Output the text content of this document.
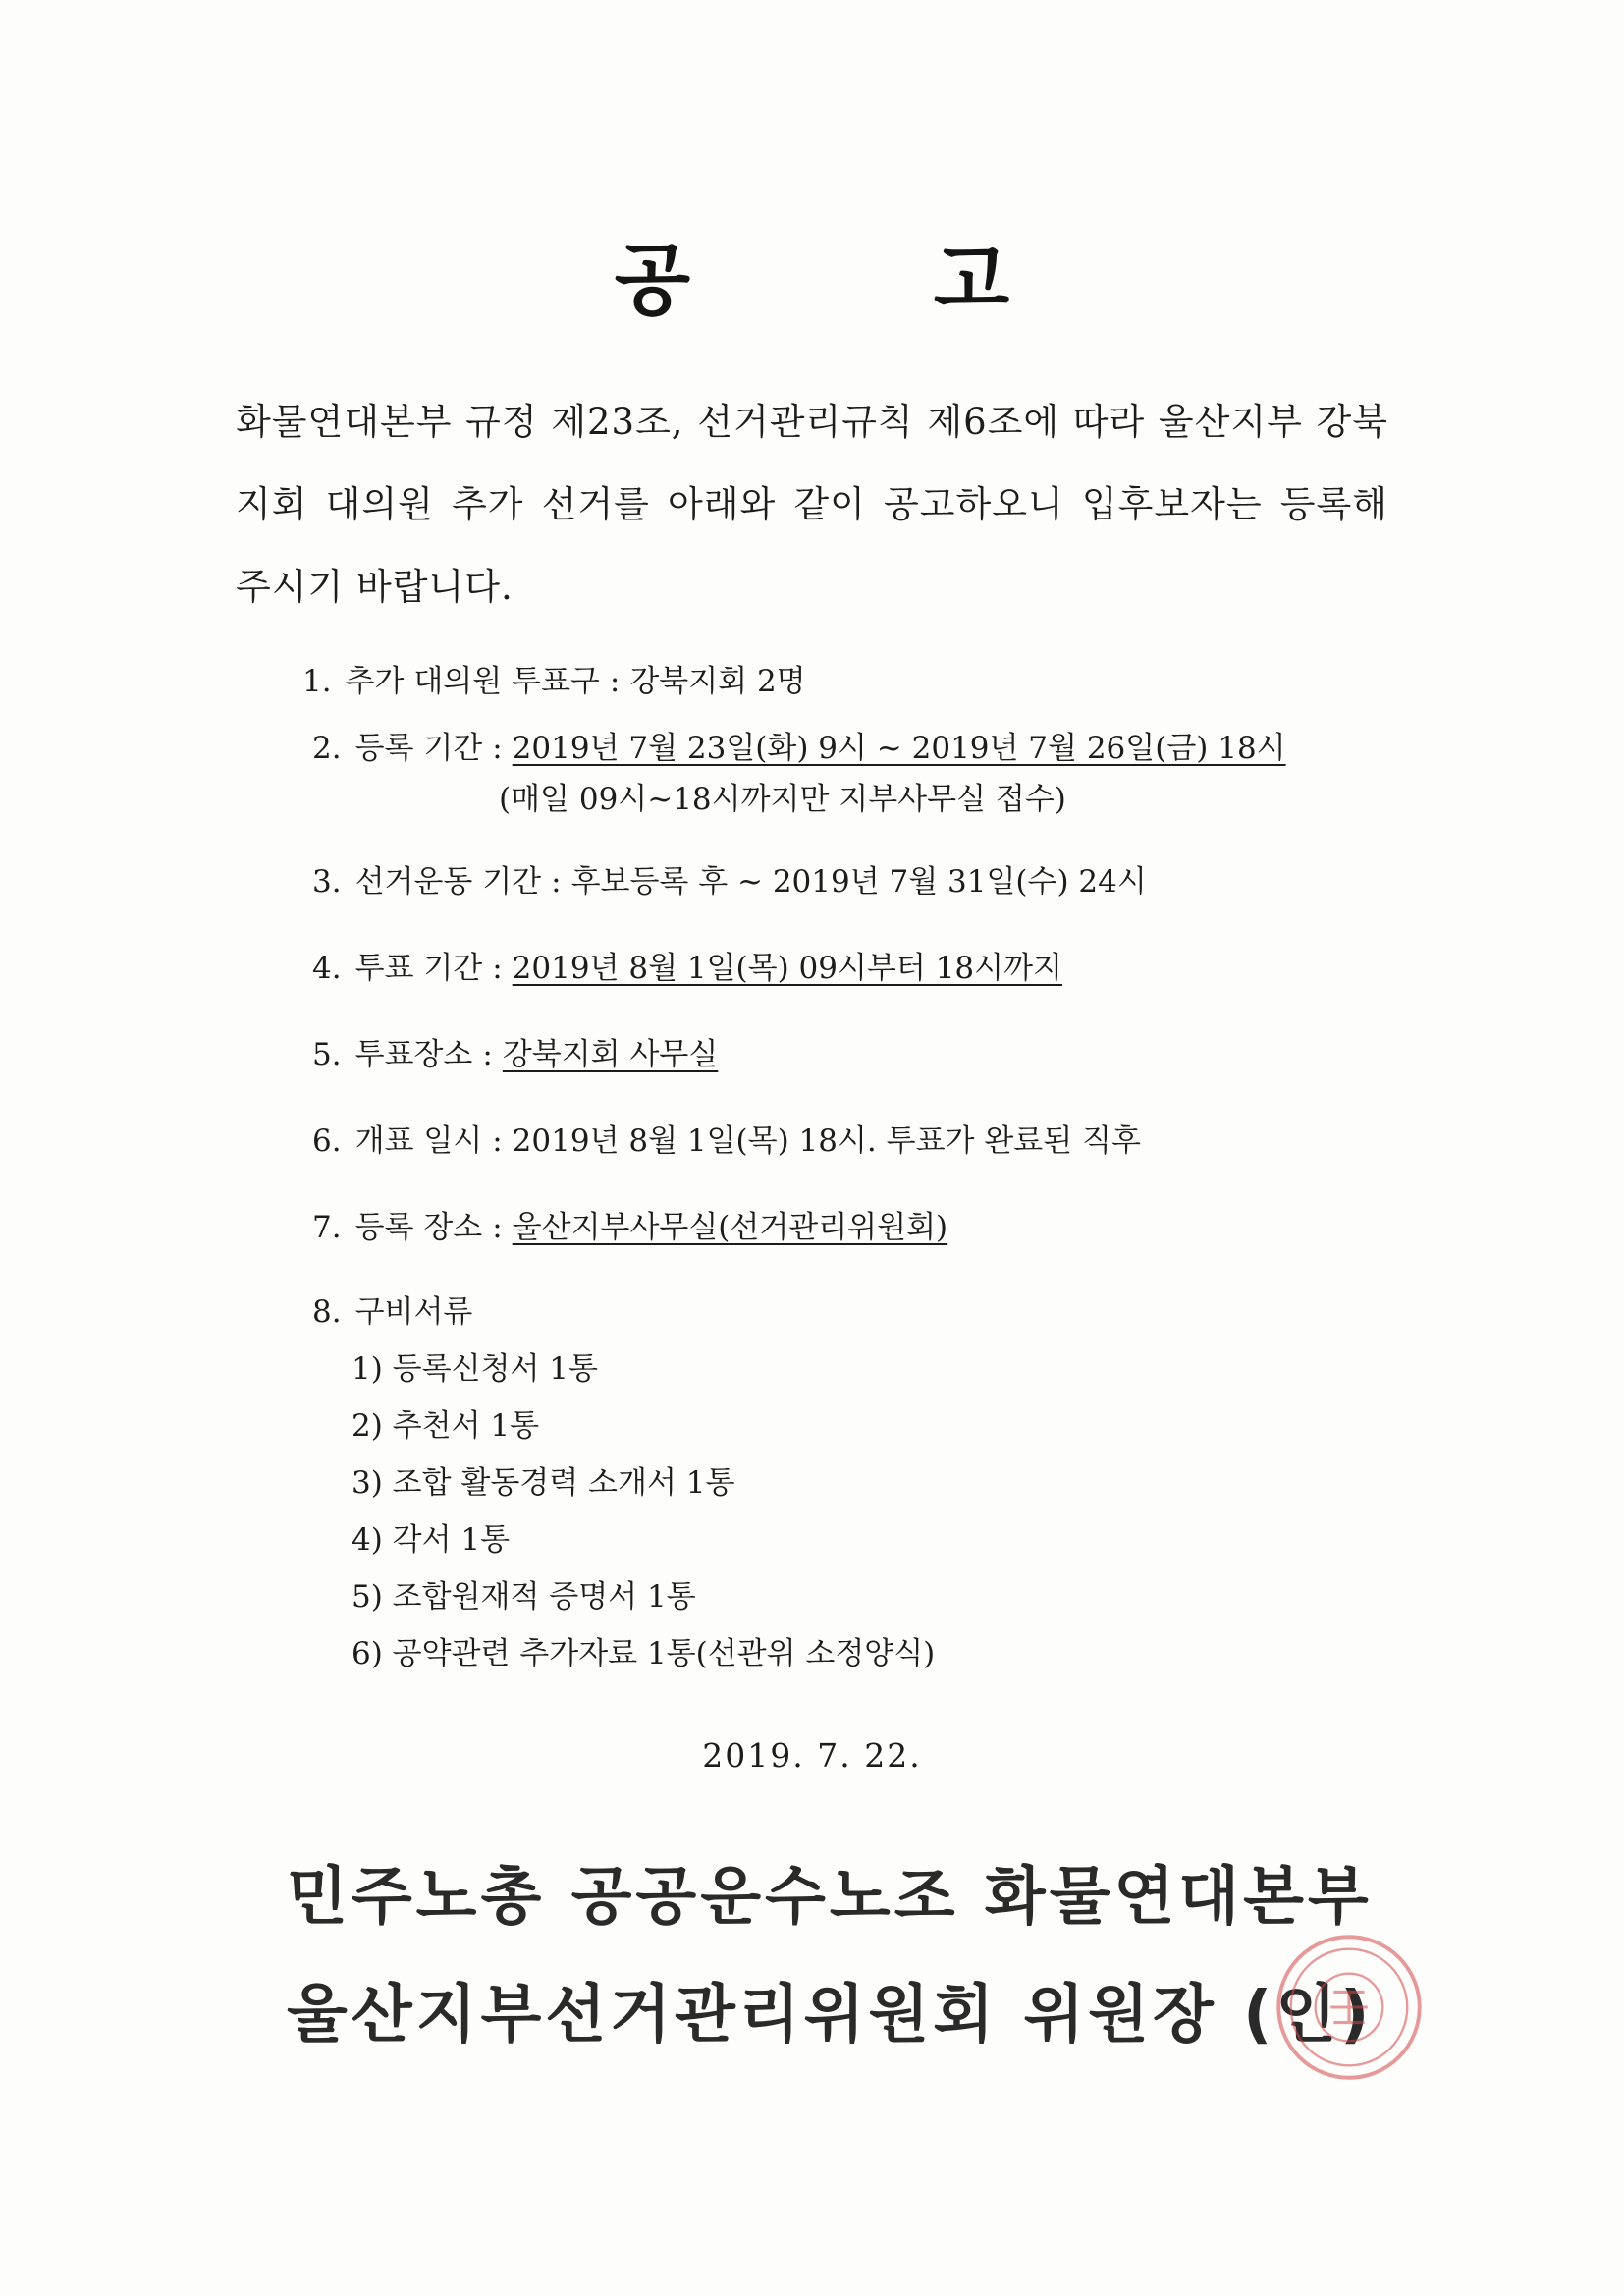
공 고
화물연대본부 규정 제23조, 선거관리규칙 제6조에 따라 울산지부 강북지회 대의원 추가 선거를 아래와 같이 공고하오니 입후보자는 등록해 주시기 바랍니다.
1. 추가 대의원 투표구 : 강북지회 2명
2. 등록 기간 : 2019년 7월 23일(화) 9시 ~ 2019년 7월 26일(금) 18시
(매일 09시~18시까지만 지부사무실 접수)
3. 선거운동 기간 : 후보등록 후 ~ 2019년 7월 31일(수) 24시
4. 투표 기간 : 2019년 8월 1일(목) 09시부터 18시까지
5. 투표장소 : 강북지회 사무실
6. 개표 일시 : 2019년 8월 1일(목) 18시. 투표가 완료된 직후
7. 등록 장소 : 울산지부사무실(선거관리위원회)
8. 구비서류
1) 등록신청서 1통
2) 추천서 1통
3) 조합 활동경력 소개서 1통
4) 각서 1통
5) 조합원재적 증명서 1통
6) 공약관련 추가자료 1통(선관위 소정양식)
2019. 7. 22.
민주노총 공공운수노조 화물연대본부
울산지부선거관리위원회 위원장 (인)
